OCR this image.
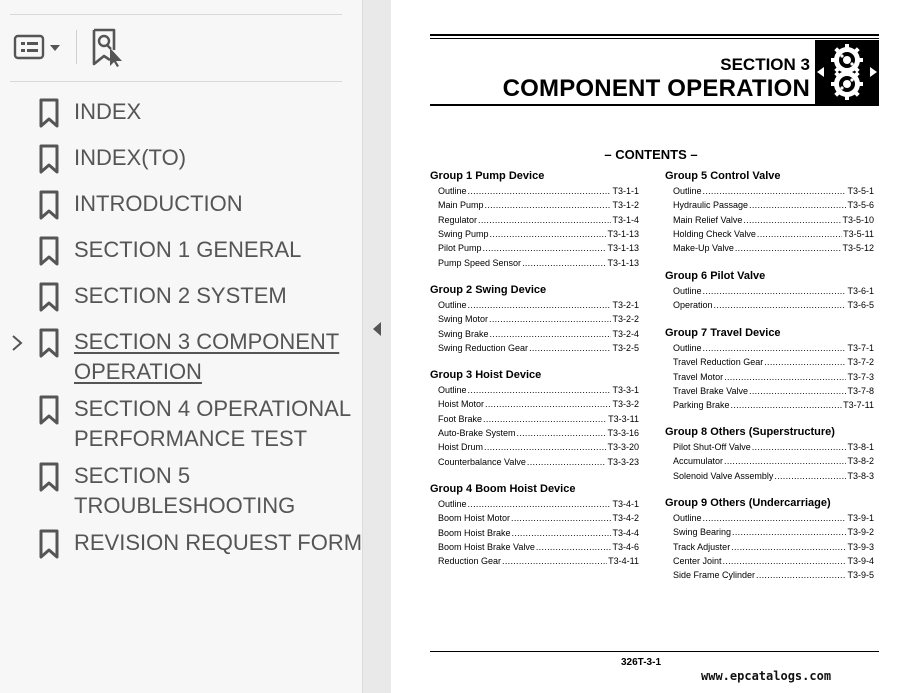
INDEX
INDEX(TO)
INTRODUCTION
SECTION 1 GENERAL
SECTION 2 SYSTEM
SECTION 3 COMPONENT
OPERATION
SECTION 4 OPERATIONAL
PERFORMANCE TEST
SECTION 5
TROUBLESHOOTING
REVISION REQUEST FORM
SECTION 3
COMPONENT OPERATION
– CONTENTS –
Group 1 Pump Device
Outline .....	T3-1-1
Main Pump .....	T3-1-2
Regulator .....	T3-1-4
Swing Pump .....	T3-1-13
Pilot Pump .....	T3-1-13
Pump Speed Sensor .....	T3-1-13
Group 2 Swing Device
Outline .....	T3-2-1
Swing Motor .....	T3-2-2
Swing Brake .....	T3-2-4
Swing Reduction Gear .....	T3-2-5
Group 3 Hoist Device
Outline .....	T3-3-1
Hoist Motor .....	T3-3-2
Foot Brake .....	T3-3-11
Auto-Brake System .....	T3-3-16
Hoist Drum .....	T3-3-20
Counterbalance Valve .....	T3-3-23
Group 4 Boom Hoist Device
Outline .....	T3-4-1
Boom Hoist Motor .....	T3-4-2
Boom Hoist Brake .....	T3-4-4
Boom Hoist Brake Valve .....	T3-4-6
Reduction Gear .....	T3-4-11
Group 5 Control Valve
Outline .....	T3-5-1
Hydraulic Passage .....	T3-5-6
Main Relief Valve .....	T3-5-10
Holding Check Valve .....	T3-5-11
Make-Up Valve .....	T3-5-12
Group 6 Pilot Valve
Outline .....	T3-6-1
Operation .....	T3-6-5
Group 7 Travel Device
Outline .....	T3-7-1
Travel Reduction Gear .....	T3-7-2
Travel Motor .....	T3-7-3
Travel Brake Valve .....	T3-7-8
Parking Brake .....	T3-7-11
Group 8 Others (Superstructure)
Pilot Shut-Off Valve .....	T3-8-1
Accumulator .....	T3-8-2
Solenoid Valve Assembly .....	T3-8-3
Group 9 Others (Undercarriage)
Outline .....	T3-9-1
Swing Bearing .....	T3-9-2
Track Adjuster .....	T3-9-3
Center Joint .....	T3-9-4
Side Frame Cylinder .....	T3-9-5
326T-3-1
www.epcatalogs.com
